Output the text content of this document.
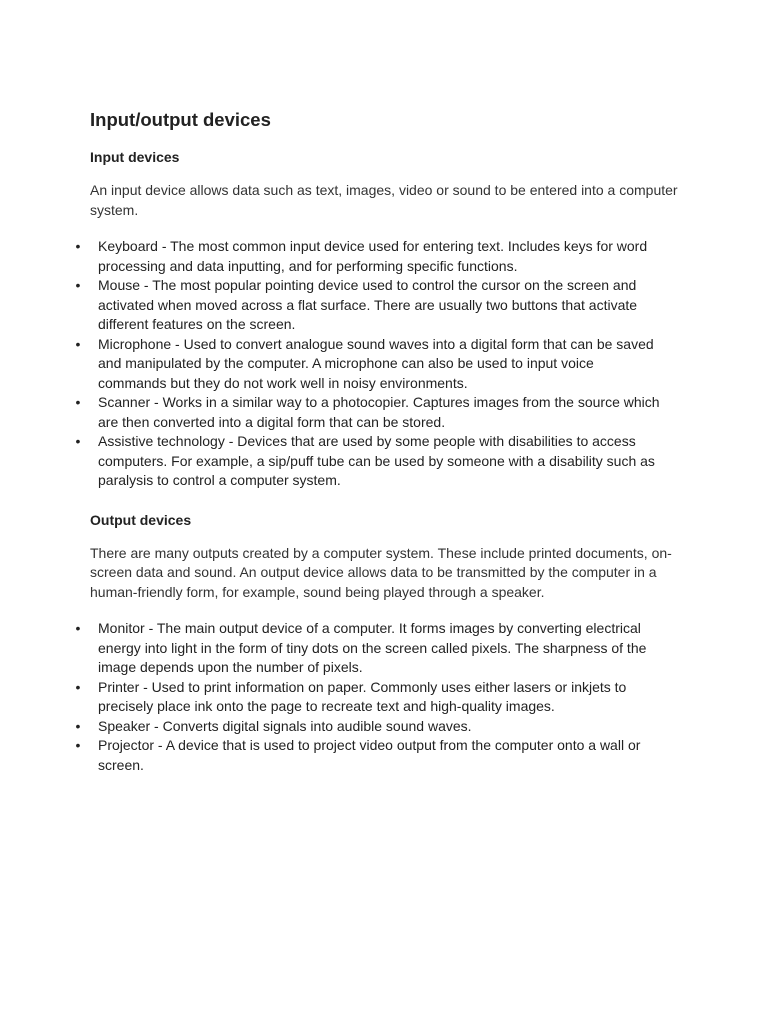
Input/output devices
Input devices

An input device allows data such as text, images, video or sound to be entered into a computer system.

• Keyboard - The most common input device used for entering text. Includes keys for word processing and data inputting, and for performing specific functions.
• Mouse - The most popular pointing device used to control the cursor on the screen and activated when moved across a flat surface. There are usually two buttons that activate different features on the screen.
• Microphone - Used to convert analogue sound waves into a digital form that can be saved and manipulated by the computer. A microphone can also be used to input voice commands but they do not work well in noisy environments.
• Scanner - Works in a similar way to a photocopier. Captures images from the source which are then converted into a digital form that can be stored.
• Assistive technology - Devices that are used by some people with disabilities to access computers. For example, a sip/puff tube can be used by someone with a disability such as paralysis to control a computer system.
Output devices

There are many outputs created by a computer system. These include printed documents, on-screen data and sound. An output device allows data to be transmitted by the computer in a human-friendly form, for example, sound being played through a speaker.

• Monitor - The main output device of a computer. It forms images by converting electrical energy into light in the form of tiny dots on the screen called pixels. The sharpness of the image depends upon the number of pixels.
• Printer - Used to print information on paper. Commonly uses either lasers or inkjets to precisely place ink onto the page to recreate text and high-quality images.
• Speaker - Converts digital signals into audible sound waves.
• Projector - A device that is used to project video output from the computer onto a wall or screen.
